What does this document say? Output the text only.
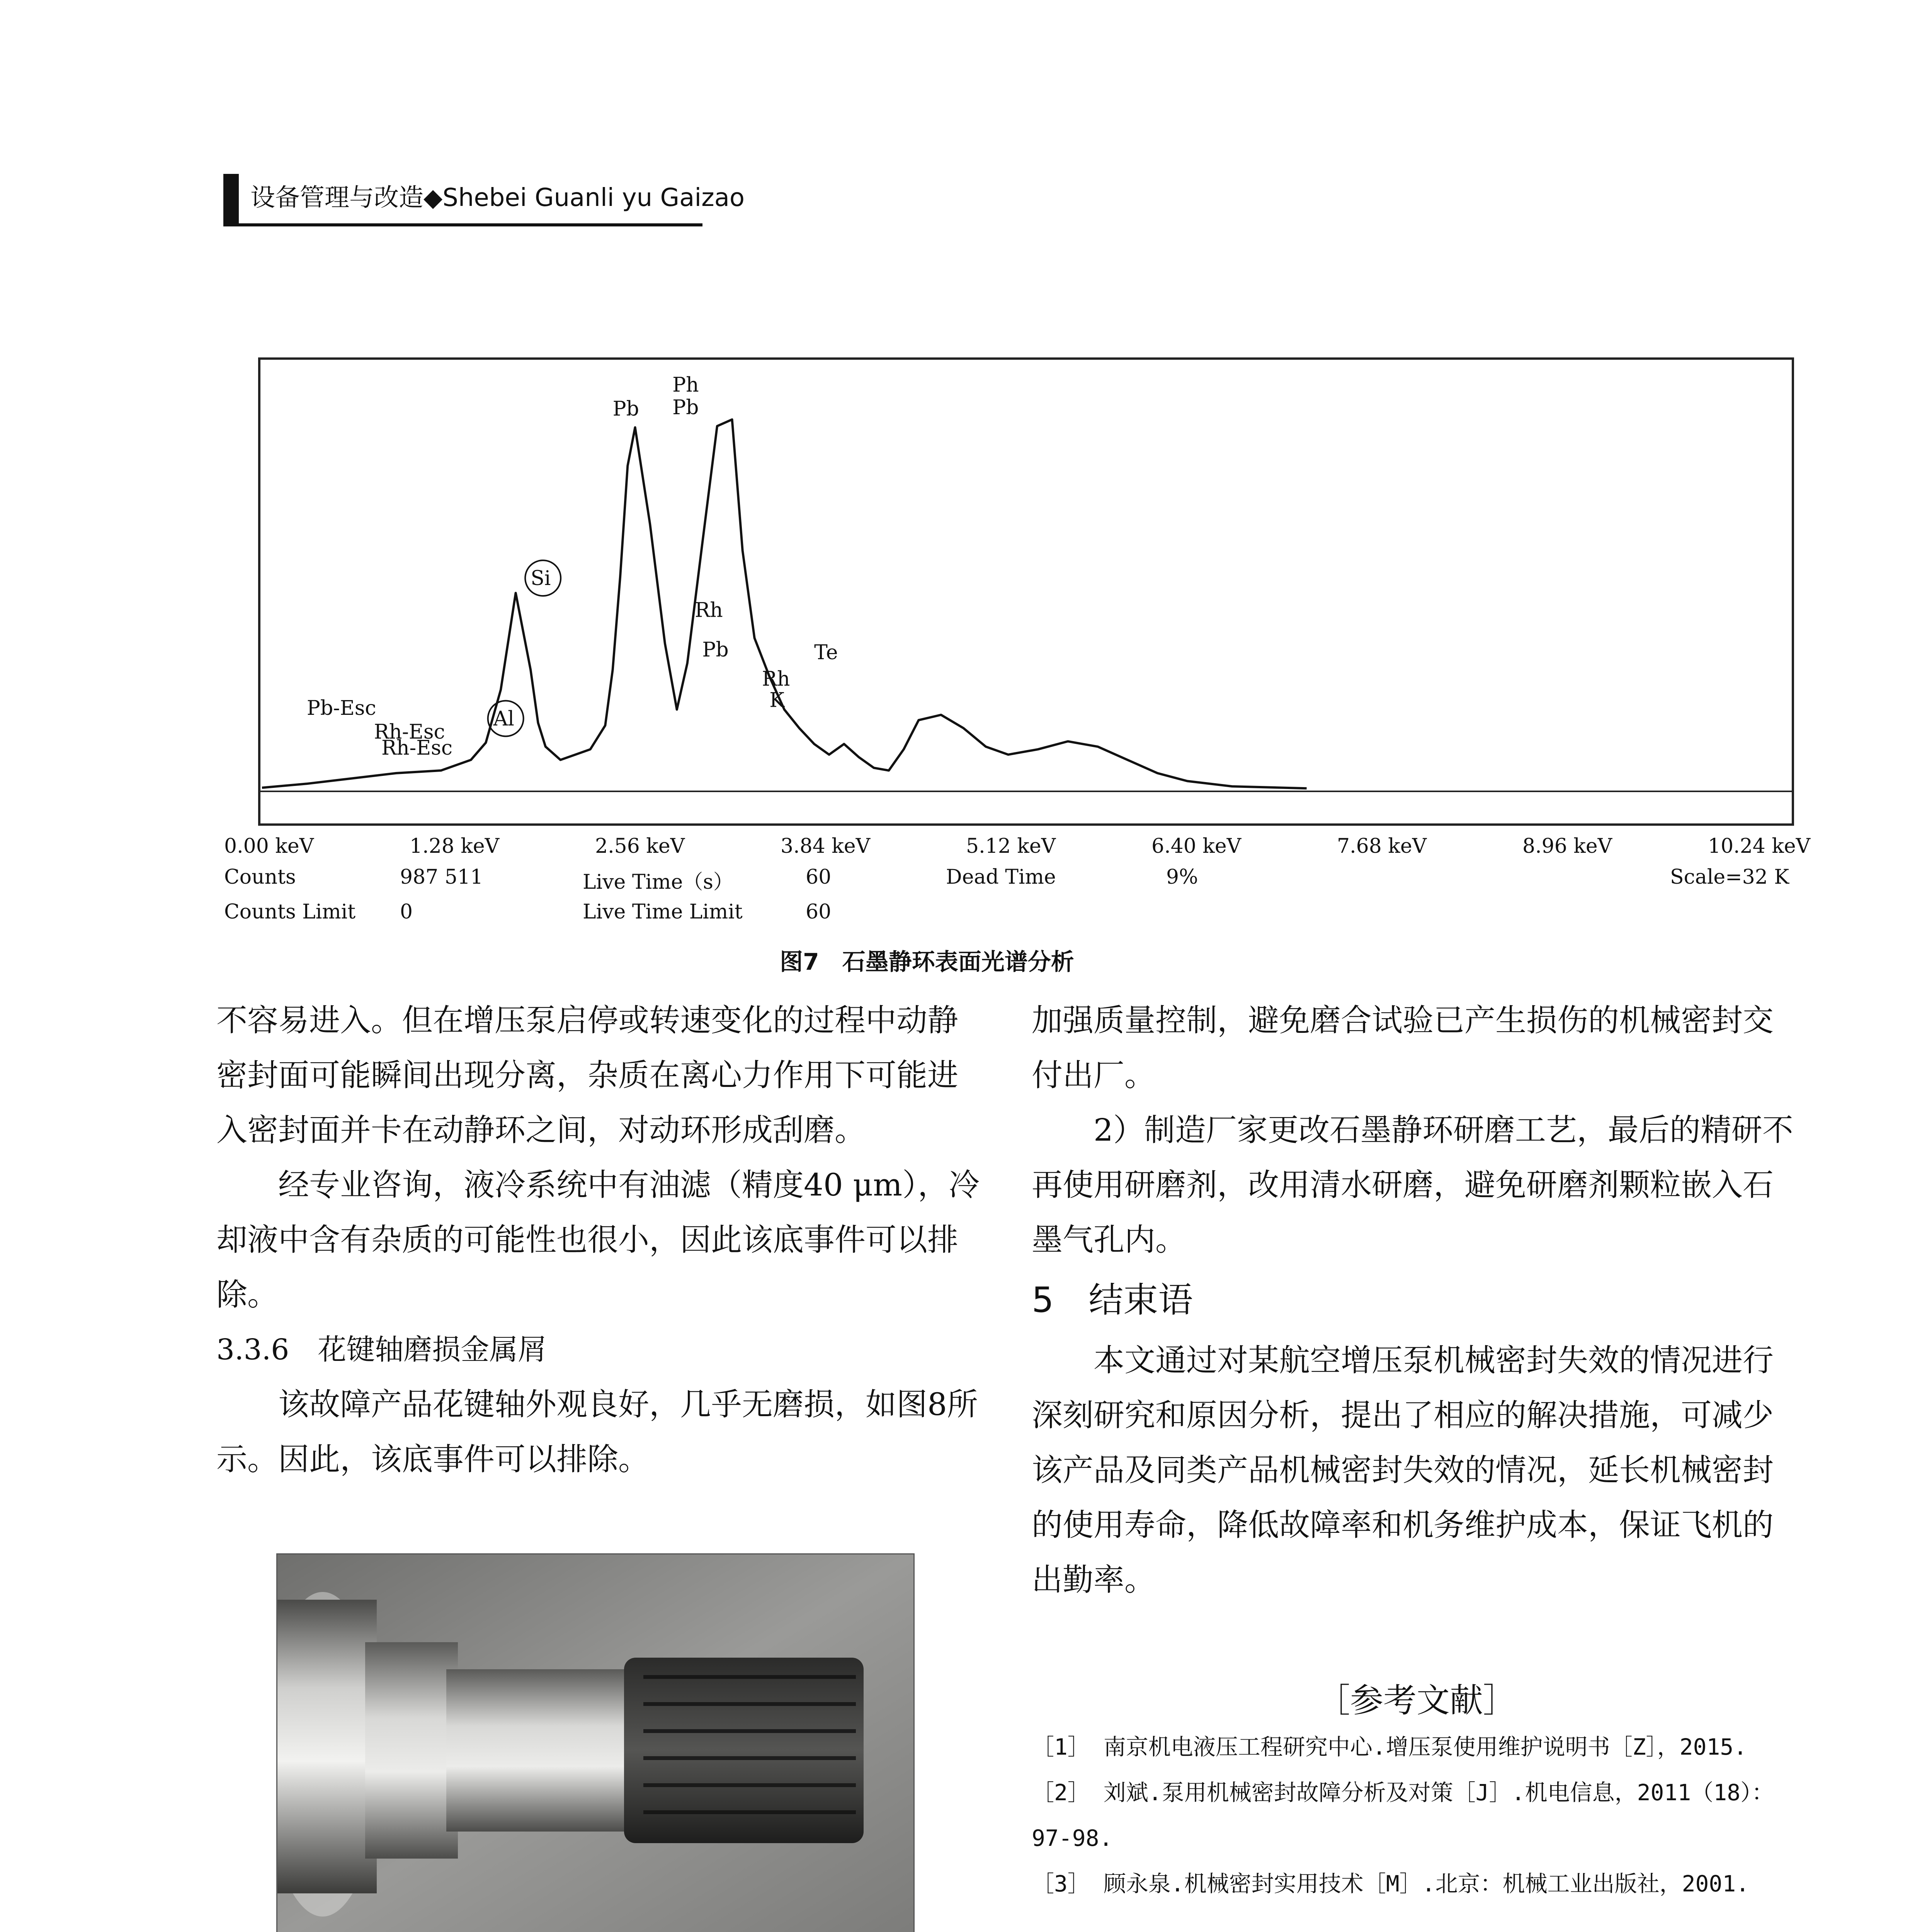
设备管理与改造◆Shebei Guanli yu Gaizao
Pb-Esc
Rh-Esc
Rh-Esc
Al
Si
Pb
Ph
Pb
Rh
Pb
Rh
K
Te
0.00 keV	1.28 keV	2.56 keV	3.84 keV	5.12 keV	6.40 keV	7.68 keV	8.96 keV	10.24 keV
Counts	987 511	Live Time（s）	60	Dead Time	9%	Scale=32 K
Counts Limit 0	Live Time Limit	60
图7　石墨静环表面光谱分析

不容易进入。但在增压泵启停或转速变化的过程中动静密封面可能瞬间出现分离，杂质在离心力作用下可能进入密封面并卡在动静环之间，对动环形成刮磨。

经专业咨询，液冷系统中有油滤（精度40 μm），冷却液中含有杂质的可能性也很小，因此该底事件可以排除。

3.3.6　花键轴磨损金属屑

该故障产品花键轴外观良好，几乎无磨损，如图8所示。因此，该底事件可以排除。

加强质量控制，避免磨合试验已产生损伤的机械密封交付出厂。

2）制造厂家更改石墨静环研磨工艺，最后的精研不再使用研磨剂，改用清水研磨，避免研磨剂颗粒嵌入石墨气孔内。

5　结束语

本文通过对某航空增压泵机械密封失效的情况进行深刻研究和原因分析，提出了相应的解决措施，可减少该产品及同类产品机械密封失效的情况，延长机械密封的使用寿命，降低故障率和机务维护成本，保证飞机的出勤率。

［参考文献］

［1］ 南京机电液压工程研究中心.增压泵使用维护说明书［Z］，2015.

［2］ 刘斌.泵用机械密封故障分析及对策［J］.机电信息，2011（18）：97-98.

［3］ 顾永泉.机械密封实用技术［M］.北京：机械工业出版社，2001.
